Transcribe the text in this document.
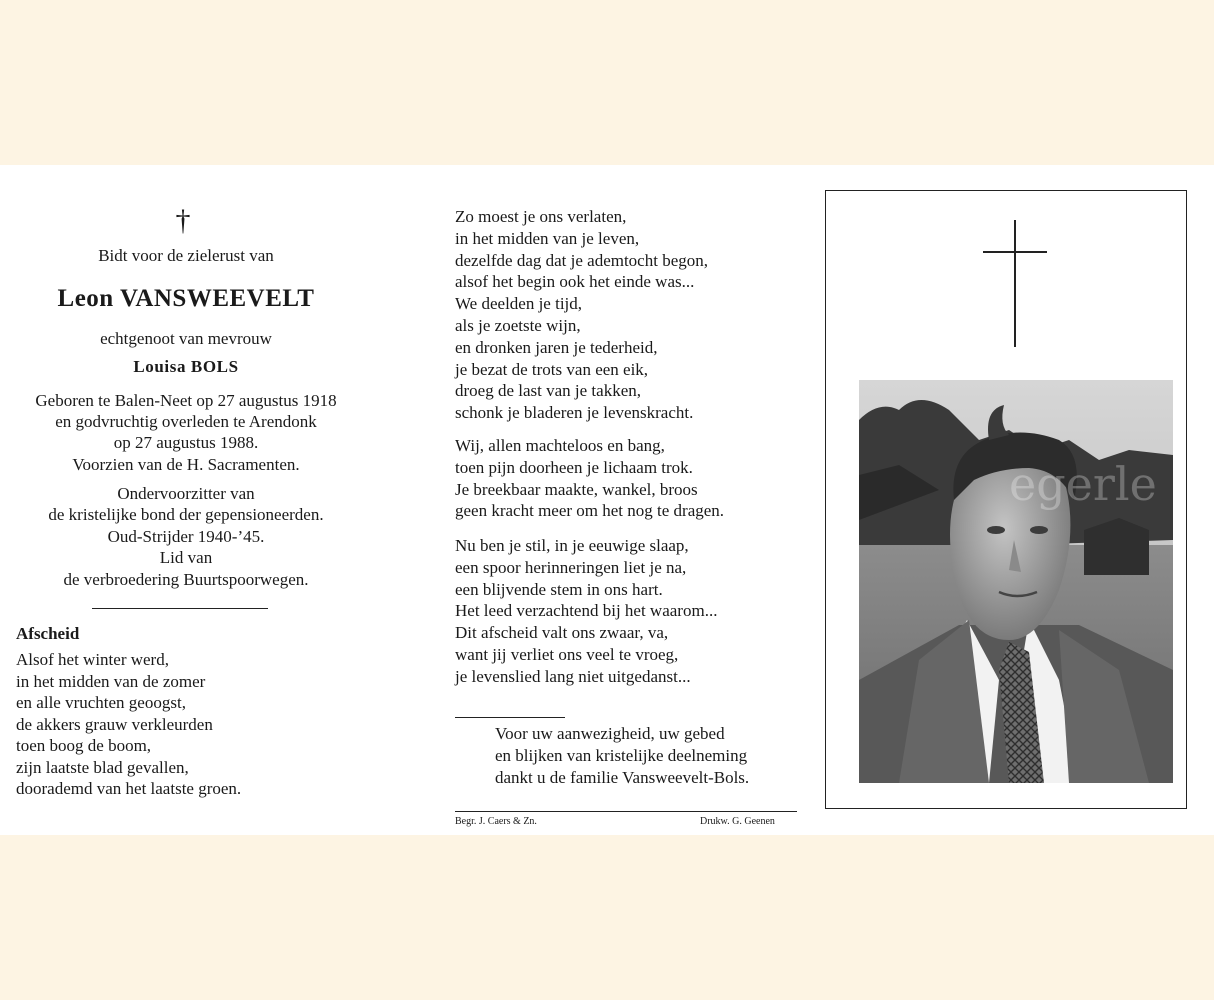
†
Bidt voor de zielerust van
Leon VANSWEEVELT
echtgenoot van mevrouw
Louisa BOLS
Geboren te Balen-Neet op 27 augustus 1918
en godvruchtig overleden te Arendonk
op 27 augustus 1988.
Voorzien van de H. Sacramenten.
Ondervoorzitter van
de kristelijke bond der gepensioneerden.
Oud-Strijder 1940-’45.
Lid van
de verbroedering Buurtspoorwegen.
Afscheid
Alsof het winter werd,
in het midden van de zomer
en alle vruchten geoogst,
de akkers grauw verkleurden
toen boog de boom,
zijn laatste blad gevallen,
dooradem‌d van het laatste groen.
Zo moest je ons verlaten,
in het midden van je leven,
dezelfde dag dat je ademtocht begon,
alsof het begin ook het einde was...
We deelden je tijd,
als je zoetste wijn,
en dronken jaren je tederheid,
je bezat de trots van een eik,
droeg de last van je takken,
schonk je bladeren je levenskracht.
Wij, allen machteloos en bang,
toen pijn doorheen je lichaam trok.
Je breekbaar maakte, wankel, broos
geen kracht meer om het nog te dragen.
Nu ben je stil, in je eeuwige slaap,
een spoor herinneringen liet je na,
een blijvende stem in ons hart.
Het leed verzachtend bij het waarom...
Dit afscheid valt ons zwaar, va,
want jij verliet ons veel te vroeg,
je levenslied lang niet uitgedanst...
Voor uw aanwezigheid, uw gebed
en blijken van kristelijke deelneming
dankt u de familie Vansweevelt-Bols.
Begr. J. Caers & Zn.	Drukw. G. Geenen
egerle
